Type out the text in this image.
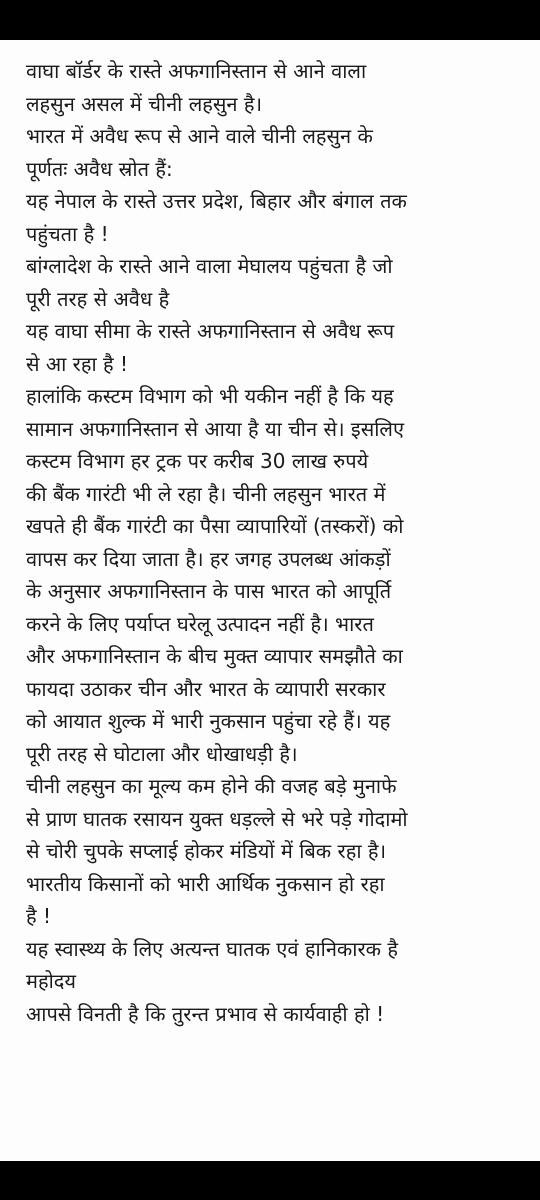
वाघा बॉर्डर के रास्ते अफगानिस्तान से आने वाला
लहसुन असल में चीनी लहसुन है।
भारत में अवैध रूप से आने वाले चीनी लहसुन के
पूर्णतः अवैध स्रोत हैं:
यह नेपाल के रास्ते उत्तर प्रदेश, बिहार और बंगाल तक
पहुंचता है !
बांग्लादेश के रास्ते आने वाला मेघालय पहुंचता है जो
पूरी तरह से अवैध है
यह वाघा सीमा के रास्ते अफगानिस्तान से अवैध रूप
से आ रहा है !
हालांकि कस्टम विभाग को भी यकीन नहीं है कि यह
सामान अफगानिस्तान से आया है या चीन से। इसलिए
कस्टम विभाग हर ट्रक पर करीब 30 लाख रुपये
की बैंक गारंटी भी ले रहा है। चीनी लहसुन भारत में
खपते ही बैंक गारंटी का पैसा व्यापारियों (तस्करों) को
वापस कर दिया जाता है। हर जगह उपलब्ध आंकड़ों
के अनुसार अफगानिस्तान के पास भारत को आपूर्ति
करने के लिए पर्याप्त घरेलू उत्पादन नहीं है। भारत
और अफगानिस्तान के बीच मुक्त व्यापार समझौते का
फायदा उठाकर चीन और भारत के व्यापारी सरकार
को आयात शुल्क में भारी नुकसान पहुंचा रहे हैं। यह
पूरी तरह से घोटाला और धोखाधड़ी है।
चीनी लहसुन का मूल्य कम होने की वजह बड़े मुनाफे
से प्राण घातक रसायन युक्त धड़ल्ले से भरे पड़े गोदामो
से चोरी चुपके सप्लाई होकर मंडियों में बिक रहा है।
भारतीय किसानों को भारी आर्थिक नुकसान हो रहा
है !
यह स्वास्थ्य के लिए अत्यन्त घातक एवं हानिकारक है
महोदय
आपसे विनती है कि तुरन्त प्रभाव से कार्यवाही हो !
